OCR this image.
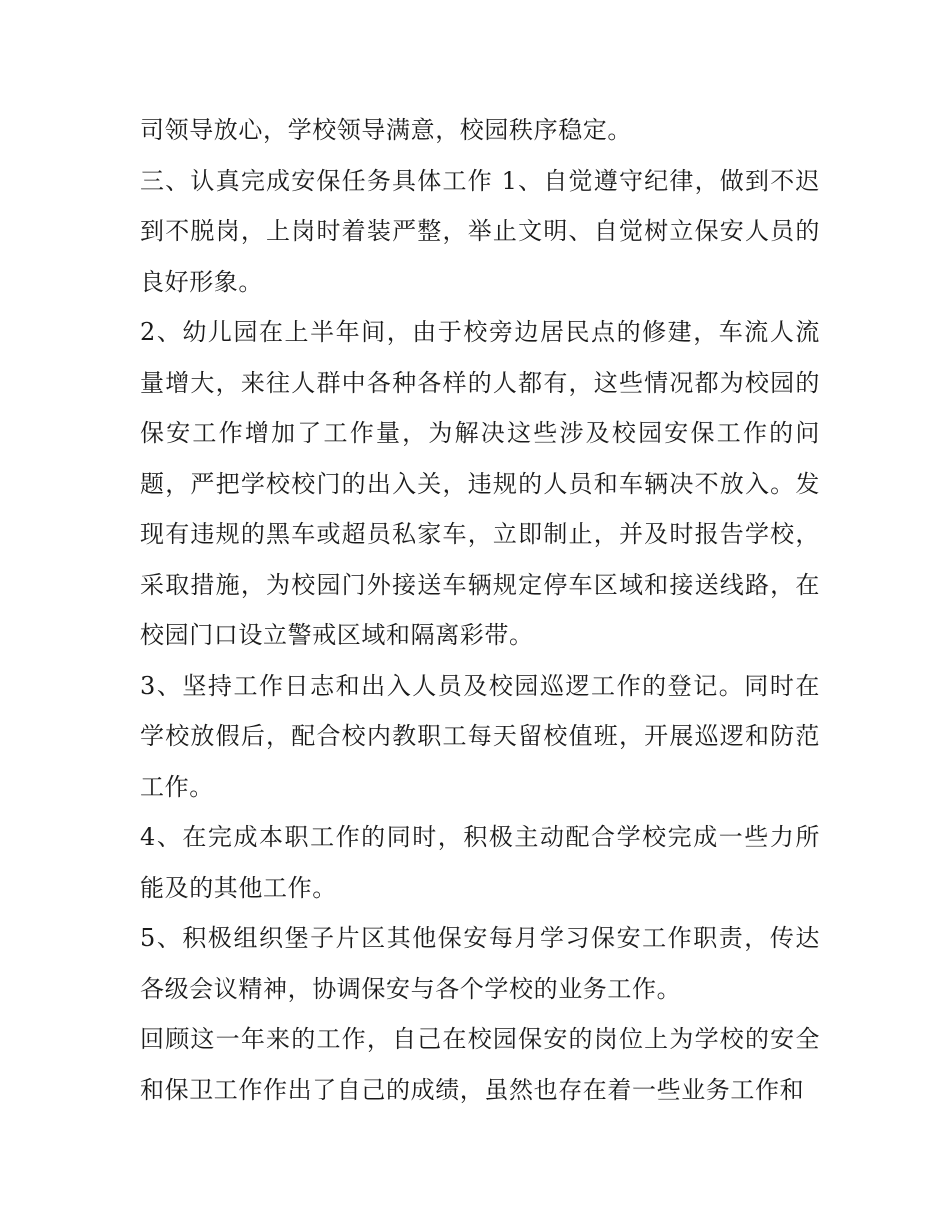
司领导放心，学校领导满意，校园秩序稳定。

三、认真完成安保任务具体工作 1、自觉遵守纪律，做到不迟到不脱岗，上岗时着装严整，举止文明、自觉树立保安人员的良好形象。

2、幼儿园在上半年间，由于校旁边居民点的修建，车流人流量增大，来往人群中各种各样的人都有，这些情况都为校园的保安工作增加了工作量，为解决这些涉及校园安保工作的问题，严把学校校门的出入关，违规的人员和车辆决不放入。发现有违规的黑车或超员私家车，立即制止，并及时报告学校，采取措施，为校园门外接送车辆规定停车区域和接送线路，在校园门口设立警戒区域和隔离彩带。

3、坚持工作日志和出入人员及校园巡逻工作的登记。同时在学校放假后，配合校内教职工每天留校值班，开展巡逻和防范工作。

4、在完成本职工作的同时，积极主动配合学校完成一些力所能及的其他工作。

5、积极组织堡子片区其他保安每月学习保安工作职责，传达各级会议精神，协调保安与各个学校的业务工作。

回顾这一年来的工作，自己在校园保安的岗位上为学校的安全和保卫工作作出了自己的成绩，虽然也存在着一些业务工作和
